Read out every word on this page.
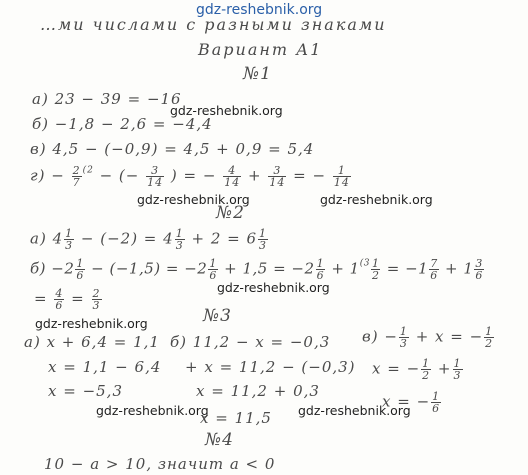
gdz-reshebnik.org
gdz-reshebnik.org
gdz-reshebnik.org	gdz-reshebnik.org
gdz-reshebnik.org
gdz-reshebnik.org
gdz-reshebnik.org	gdz-reshebnik.org
…ми числами с разными знаками
Вариант А1
№1
а) 23 − 39 = −16
б) −1,8 − 2,6 = −4,4
в) 4,5 − (−0,9) = 4,5 + 0,9 = 5,4
$г) - \frac{2}{7} ^{(2}$ − (− $\frac{3}{14}$ ) = − $\frac{4}{14} + \frac{3}{14}$ = − $\frac{1}{14}$
№2
а) $4 \frac{1}{3} - (-2) = 4 \frac{1}{3} + 2 = 6 \frac{1}{3}$
$б) -2 \frac{1}{6} - (-1,5) = -2 \frac{1}{6} + 1,5 = -2 \frac{1}{6} + 1^{(3} \frac{1}{2} = -1 \frac{7}{6} + 1 \frac{3}{6}$
= $\frac{4}{6} = \frac{2}{3}$
№3
а) x + 6,4 = 1,1
x = 1,1 − 6,4
x = −5,3
б) 11,2 − x = −0,3
+ x = 11,2 − (−0,3)
x = 11,2 + 0,3
x = 11,5
$в) - \frac{1}{3} + x$ = − $\frac{1}{2}$
x = − $\frac{1}{2} + \frac{1}{3}$
x = − $\frac{1}{6}$
№4
10 − a > 10, значит a < 0
